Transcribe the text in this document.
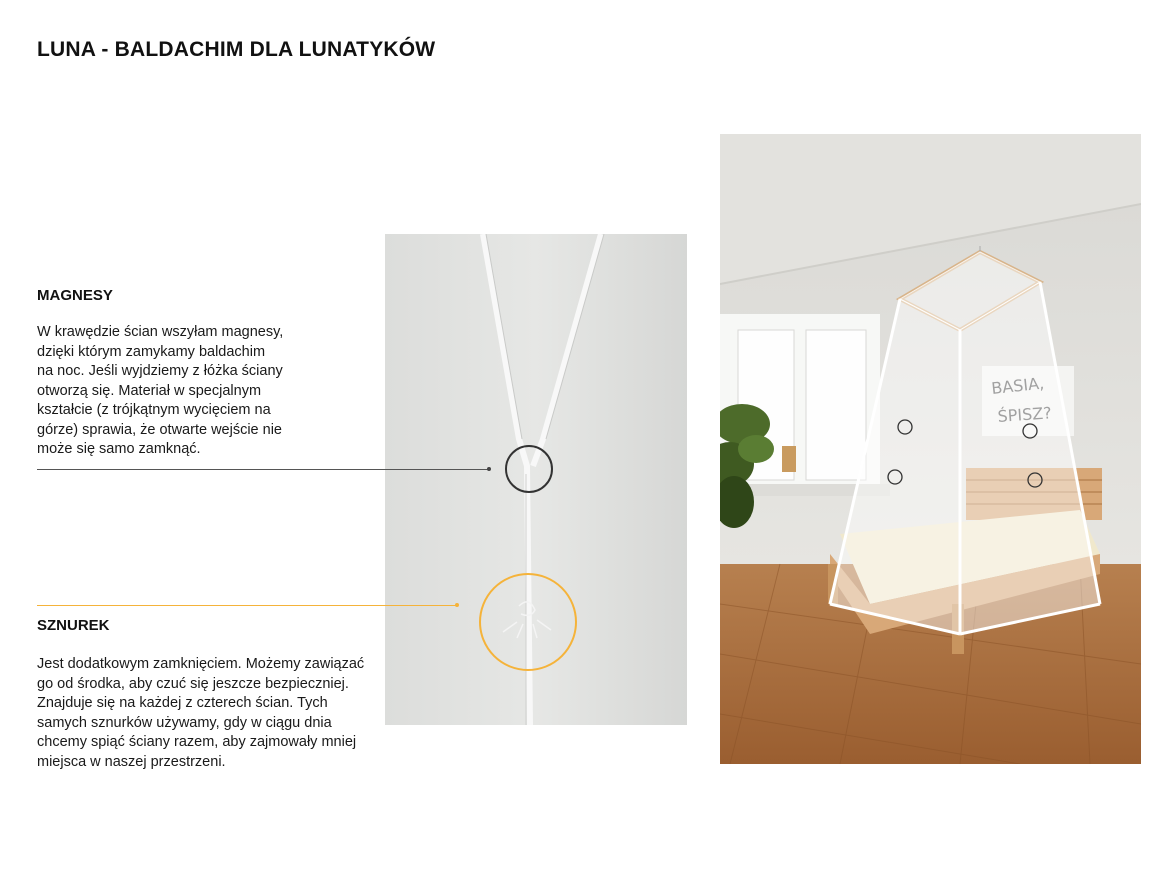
LUNA - BALDACHIM DLA LUNATYKÓW
MAGNESY

W krawędzie ścian wszyłam magnesy,
dzięki którym zamykamy baldachim
na noc. Jeśli wyjdziemy z łóżka ściany
otworzą się. Materiał w specjalnym
kształcie (z trójkątnym wycięciem na
górze) sprawia, że otwarte wejście nie
może się samo zamknąć.

SZNUREK

Jest dodatkowym zamknięciem. Możemy zawiązać
go od środka, aby czuć się jeszcze bezpieczniej.
Znajduje się na każdej z czterech ścian. Tych
samych sznurków używamy, gdy w ciągu dnia
chcemy spiąć ściany razem, aby zajmowały mniej
miejsca w naszej przestrzeni.

BASIA,
ŚPISZ?
